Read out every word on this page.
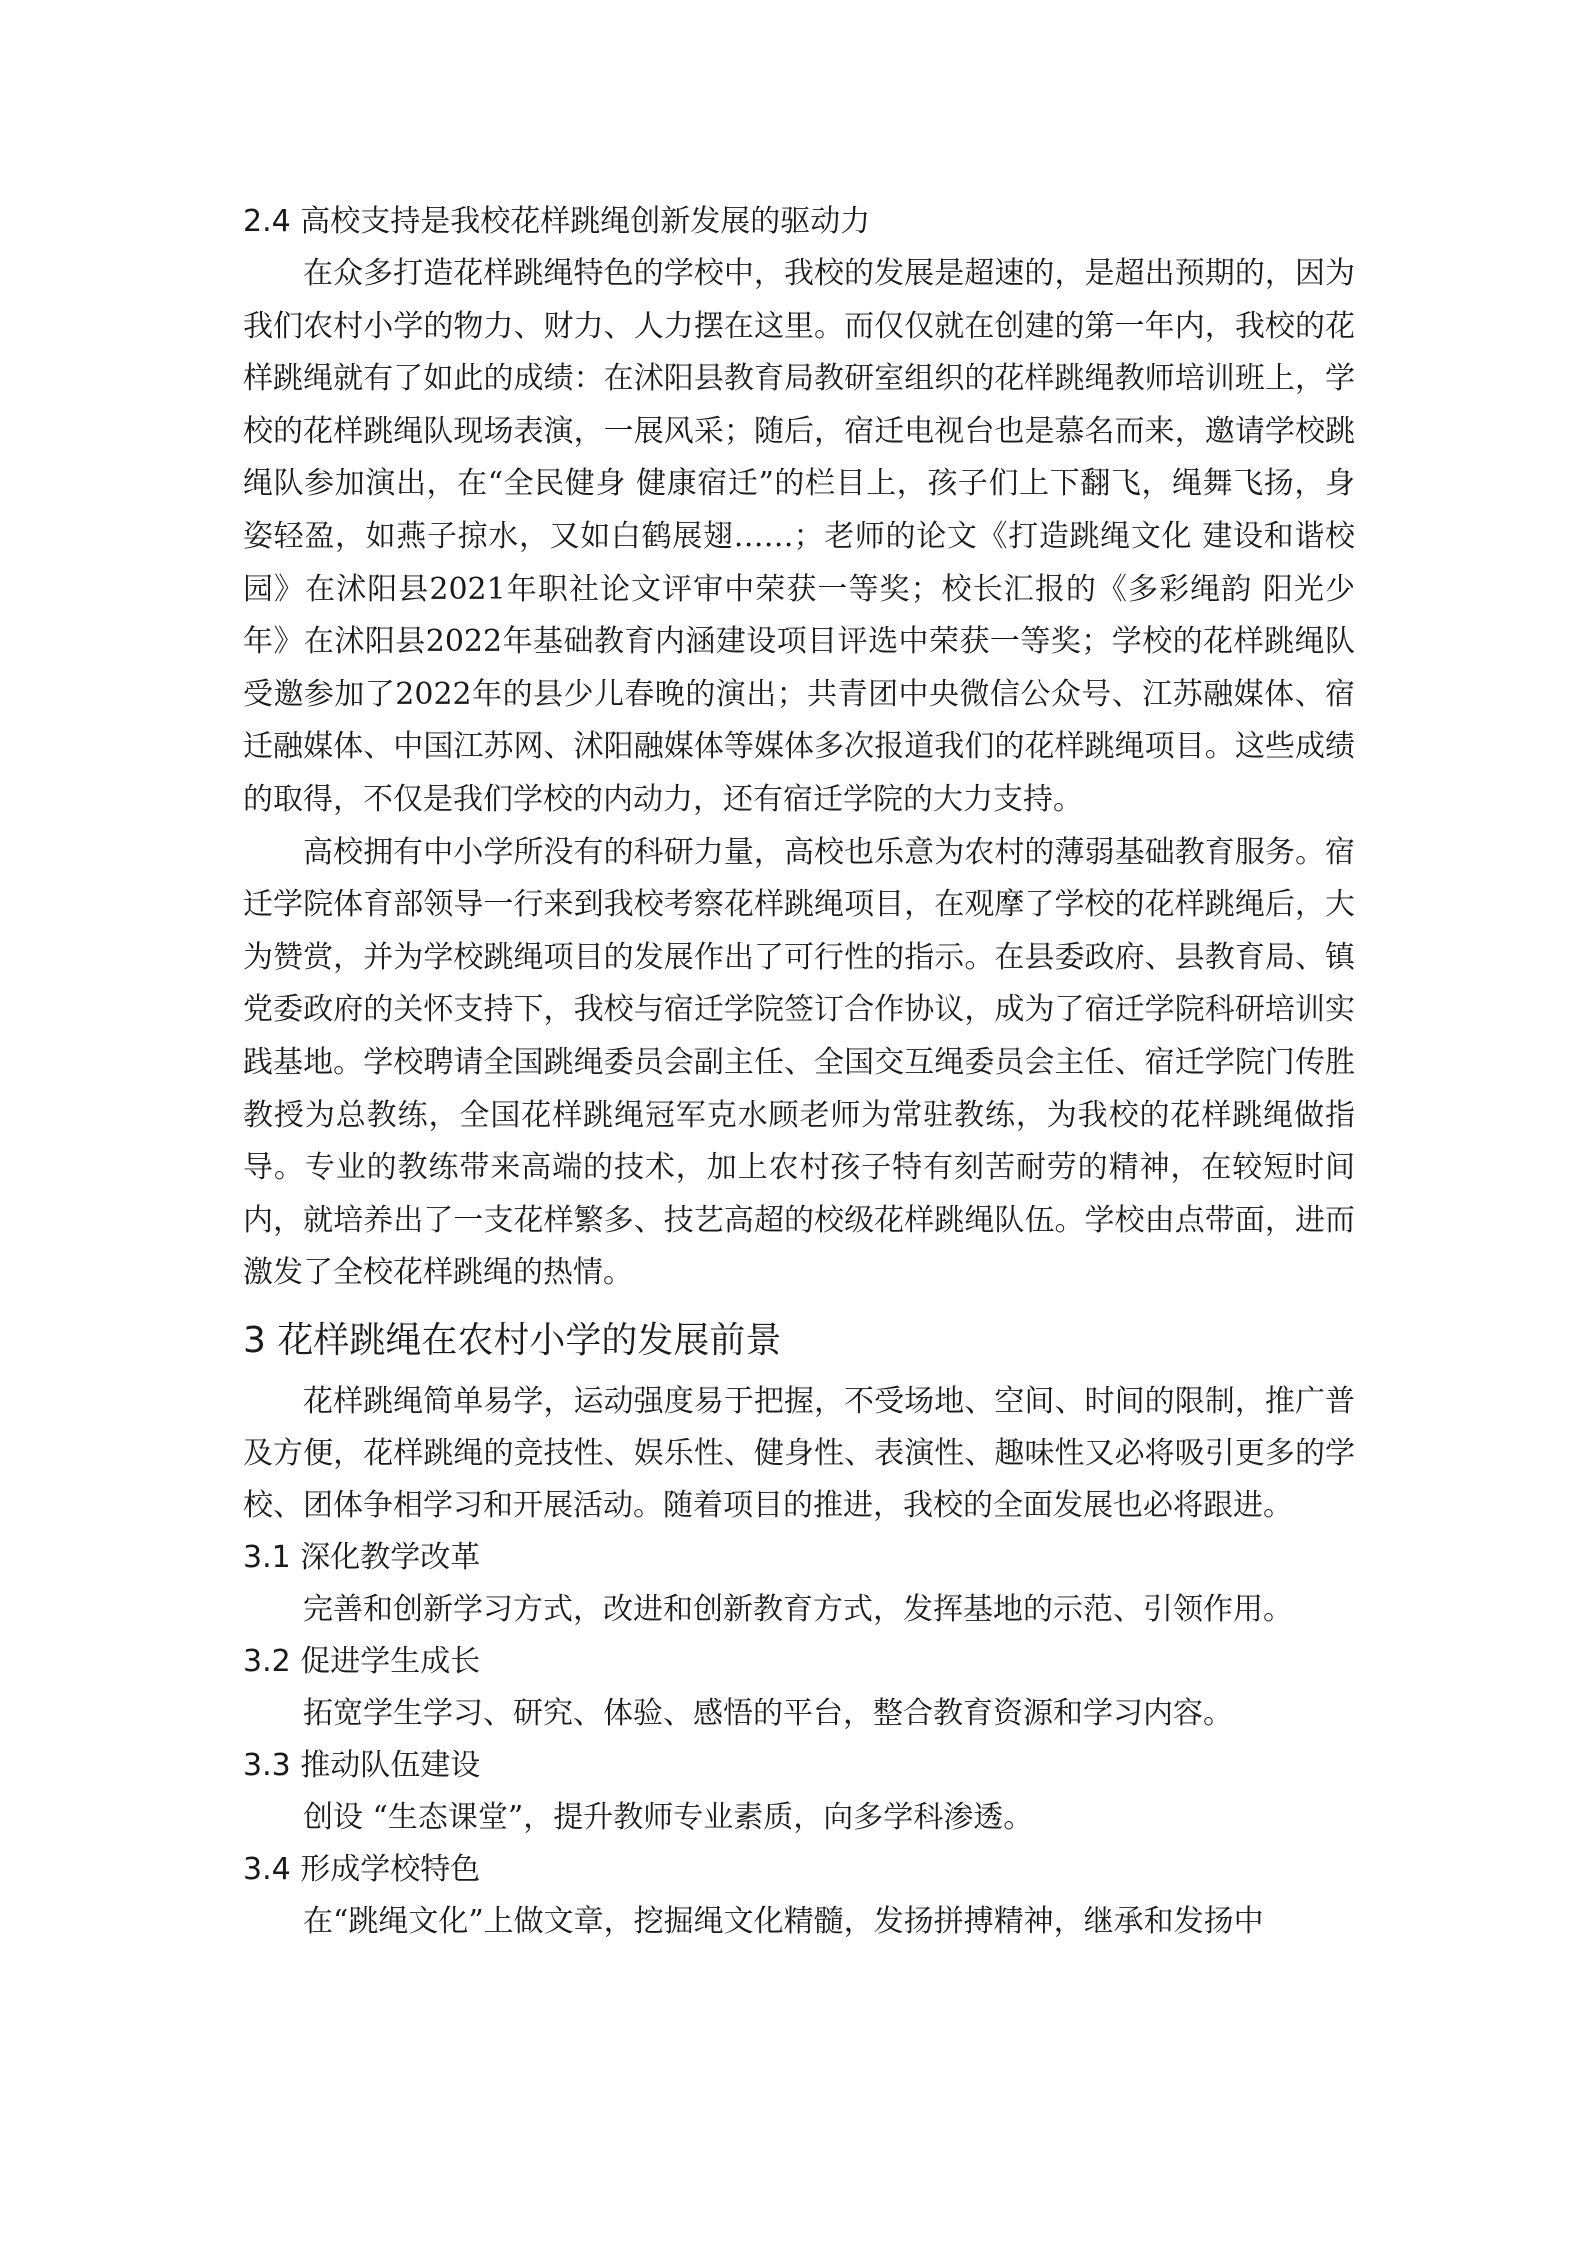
2.4 高校支持是我校花样跳绳创新发展的驱动力

在众多打造花样跳绳特色的学校中，我校的发展是超速的，是超出预期的，因为我们农村小学的物力、财力、人力摆在这里。而仅仅就在创建的第一年内，我校的花样跳绳就有了如此的成绩：在沭阳县教育局教研室组织的花样跳绳教师培训班上，学校的花样跳绳队现场表演，一展风采；随后，宿迁电视台也是慕名而来，邀请学校跳绳队参加演出，在“全民健身 健康宿迁”的栏目上，孩子们上下翻飞，绳舞飞扬，身姿轻盈，如燕子掠水，又如白鹤展翅……；老师的论文《打造跳绳文化 建设和谐校园》在沭阳县2021年职社论文评审中荣获一等奖；校长汇报的《多彩绳韵 阳光少年》在沭阳县2022年基础教育内涵建设项目评选中荣获一等奖；学校的花样跳绳队受邀参加了2022年的县少儿春晚的演出；共青团中央微信公众号、江苏融媒体、宿迁融媒体、中国江苏网、沭阳融媒体等媒体多次报道我们的花样跳绳项目。这些成绩的取得，不仅是我们学校的内动力，还有宿迁学院的大力支持。

高校拥有中小学所没有的科研力量，高校也乐意为农村的薄弱基础教育服务。宿迁学院体育部领导一行来到我校考察花样跳绳项目，在观摩了学校的花样跳绳后，大为赞赏，并为学校跳绳项目的发展作出了可行性的指示。在县委政府、县教育局、镇党委政府的关怀支持下，我校与宿迁学院签订合作协议，成为了宿迁学院科研培训实践基地。学校聘请全国跳绳委员会副主任、全国交互绳委员会主任、宿迁学院门传胜教授为总教练，全国花样跳绳冠军克水顾老师为常驻教练，为我校的花样跳绳做指导。专业的教练带来高端的技术，加上农村孩子特有刻苦耐劳的精神，在较短时间内，就培养出了一支花样繁多、技艺高超的校级花样跳绳队伍。学校由点带面，进而激发了全校花样跳绳的热情。

3 花样跳绳在农村小学的发展前景

花样跳绳简单易学，运动强度易于把握，不受场地、空间、时间的限制，推广普及方便，花样跳绳的竞技性、娱乐性、健身性、表演性、趣味性又必将吸引更多的学校、团体争相学习和开展活动。随着项目的推进，我校的全面发展也必将跟进。

3.1 深化教学改革

完善和创新学习方式，改进和创新教育方式，发挥基地的示范、引领作用。

3.2 促进学生成长

拓宽学生学习、研究、体验、感悟的平台，整合教育资源和学习内容。

3.3 推动队伍建设

创设 “生态课堂”，提升教师专业素质，向多学科渗透。

3.4 形成学校特色

在“跳绳文化”上做文章，挖掘绳文化精髓，发扬拼搏精神，继承和发扬中
